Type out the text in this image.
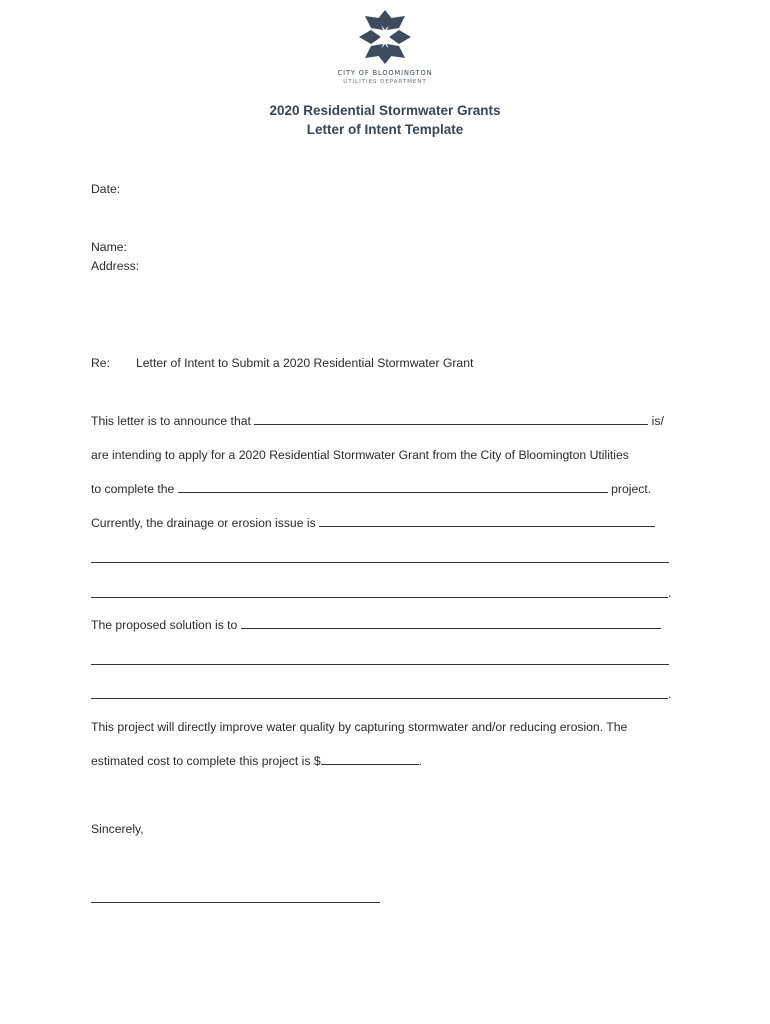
CITY OF BLOOMINGTON
UTILITIES DEPARTMENT
2020 Residential Stormwater Grants
Letter of Intent Template
Date:
Name:
Address:
Re: Letter of Intent to Submit a 2020 Residential Stormwater Grant
This letter is to announce that	is/
are intending to apply for a 2020 Residential Stormwater Grant from the City of Bloomington Utilities
to complete the	project.
Currently, the drainage or erosion issue is
.
The proposed solution is to
.
This project will directly improve water quality by capturing stormwater and/or reducing erosion. The
estimated cost to complete this project is $	.
Sincerely,
